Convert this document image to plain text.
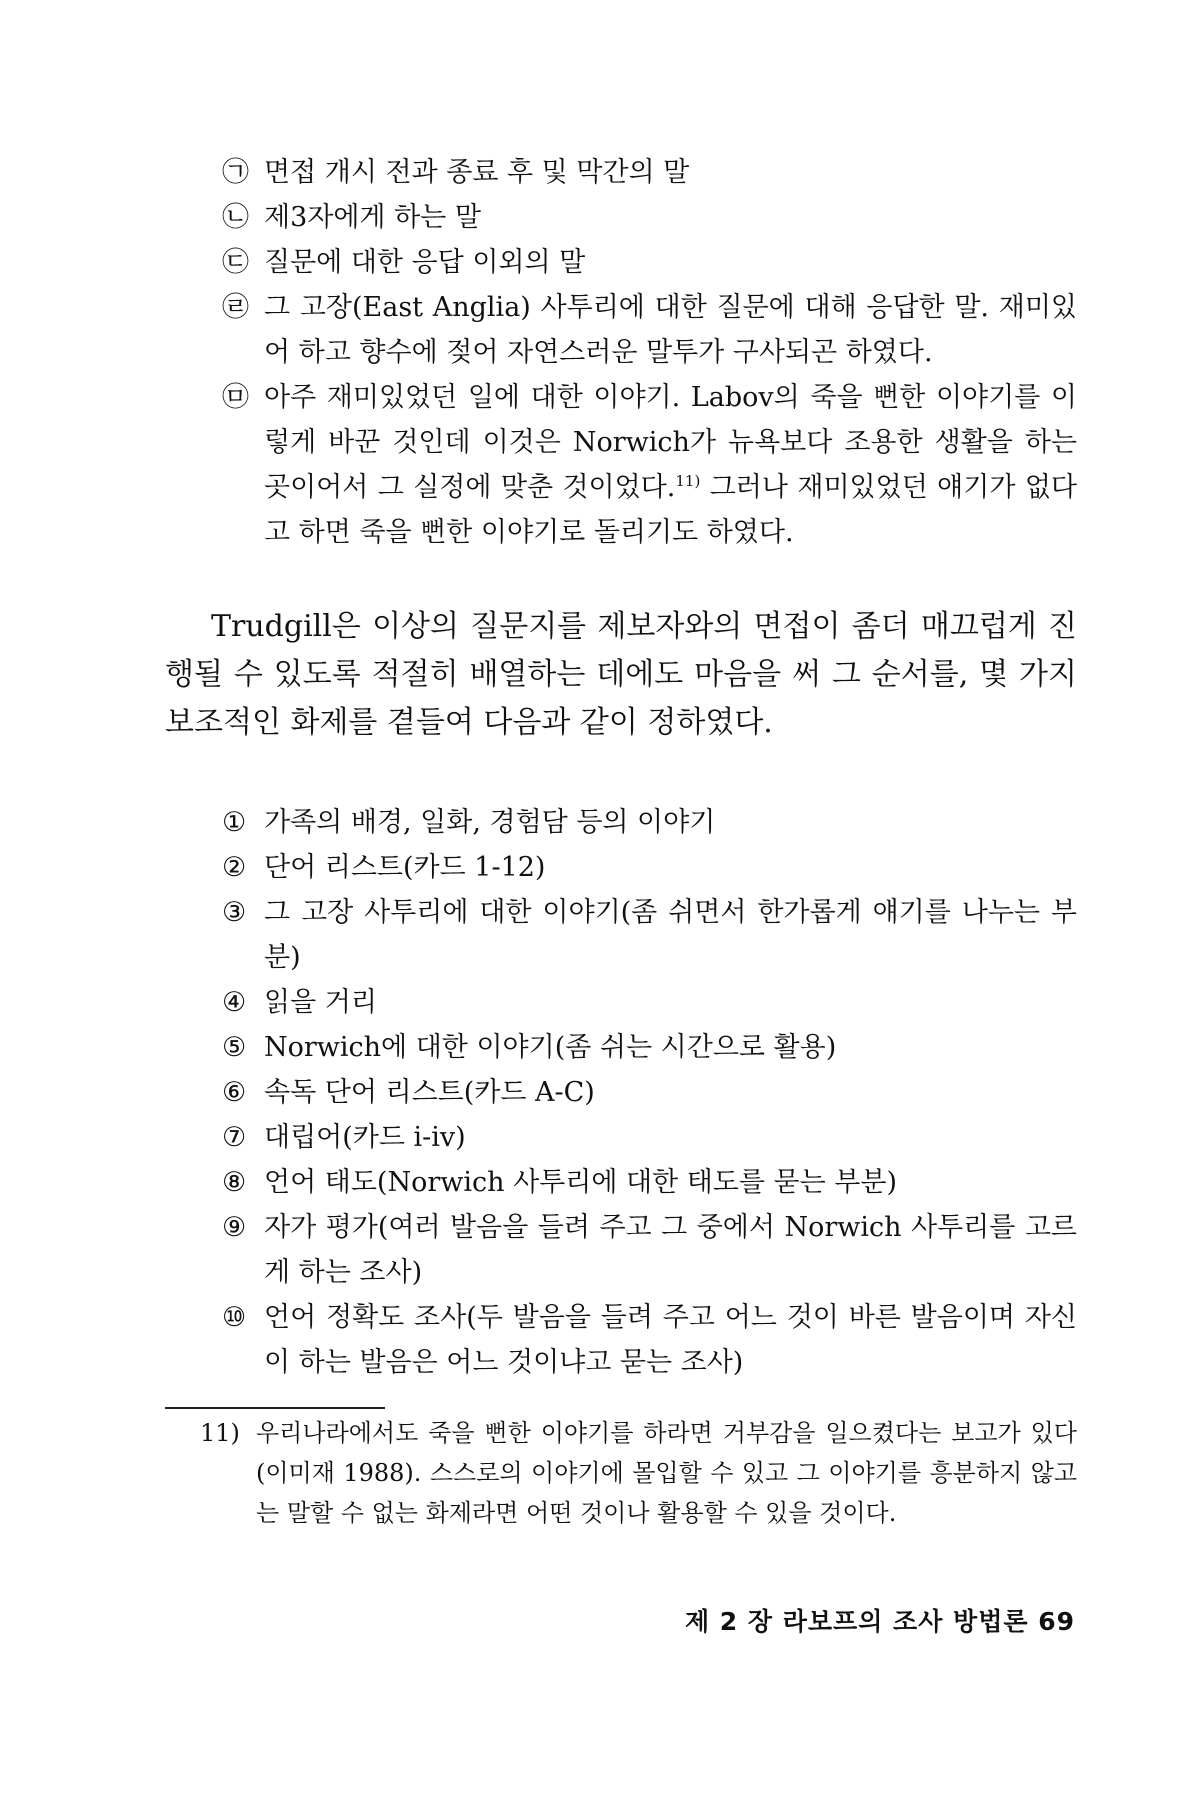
㉠ 면접 개시 전과 종료 후 및 막간의 말
㉡ 제3자에게 하는 말
㉢ 질문에 대한 응답 이외의 말
㉣ 그 고장(East Anglia) 사투리에 대한 질문에 대해 응답한 말. 재미있어 하고 향수에 젖어 자연스러운 말투가 구사되곤 하였다.
㉤ 아주 재미있었던 일에 대한 이야기. Labov의 죽을 뻔한 이야기를 이렇게 바꾼 것인데 이것은 Norwich가 뉴욕보다 조용한 생활을 하는 곳이어서 그 실정에 맞춘 것이었다.$^{11)}$ 그러나 재미있었던 얘기가 없다고 하면 죽을 뻔한 이야기로 돌리기도 하였다.

Trudgill은 이상의 질문지를 제보자와의 면접이 좀더 매끄럽게 진행될 수 있도록 적절히 배열하는 데에도 마음을 써 그 순서를, 몇 가지 보조적인 화제를 곁들여 다음과 같이 정하였다.

① 가족의 배경, 일화, 경험담 등의 이야기
② 단어 리스트(카드 1-12)
③ 그 고장 사투리에 대한 이야기(좀 쉬면서 한가롭게 얘기를 나누는 부분)
④ 읽을 거리
⑤ Norwich에 대한 이야기(좀 쉬는 시간으로 활용)
⑥ 속독 단어 리스트(카드 A-C)
⑦ 대립어(카드 i-iv)
⑧ 언어 태도(Norwich 사투리에 대한 태도를 묻는 부분)
⑨ 자가 평가(여러 발음을 들려 주고 그 중에서 Norwich 사투리를 고르게 하는 조사)
⑩ 언어 정확도 조사(두 발음을 들려 주고 어느 것이 바른 발음이며 자신이 하는 발음은 어느 것이냐고 묻는 조사)
11) 우리나라에서도 죽을 뻔한 이야기를 하라면 거부감을 일으켰다는 보고가 있다(이미재 1988). 스스로의 이야기에 몰입할 수 있고 그 이야기를 흥분하지 않고는 말할 수 없는 화제라면 어떤 것이나 활용할 수 있을 것이다.
제 2 장 라보프의 조사 방법론 69
